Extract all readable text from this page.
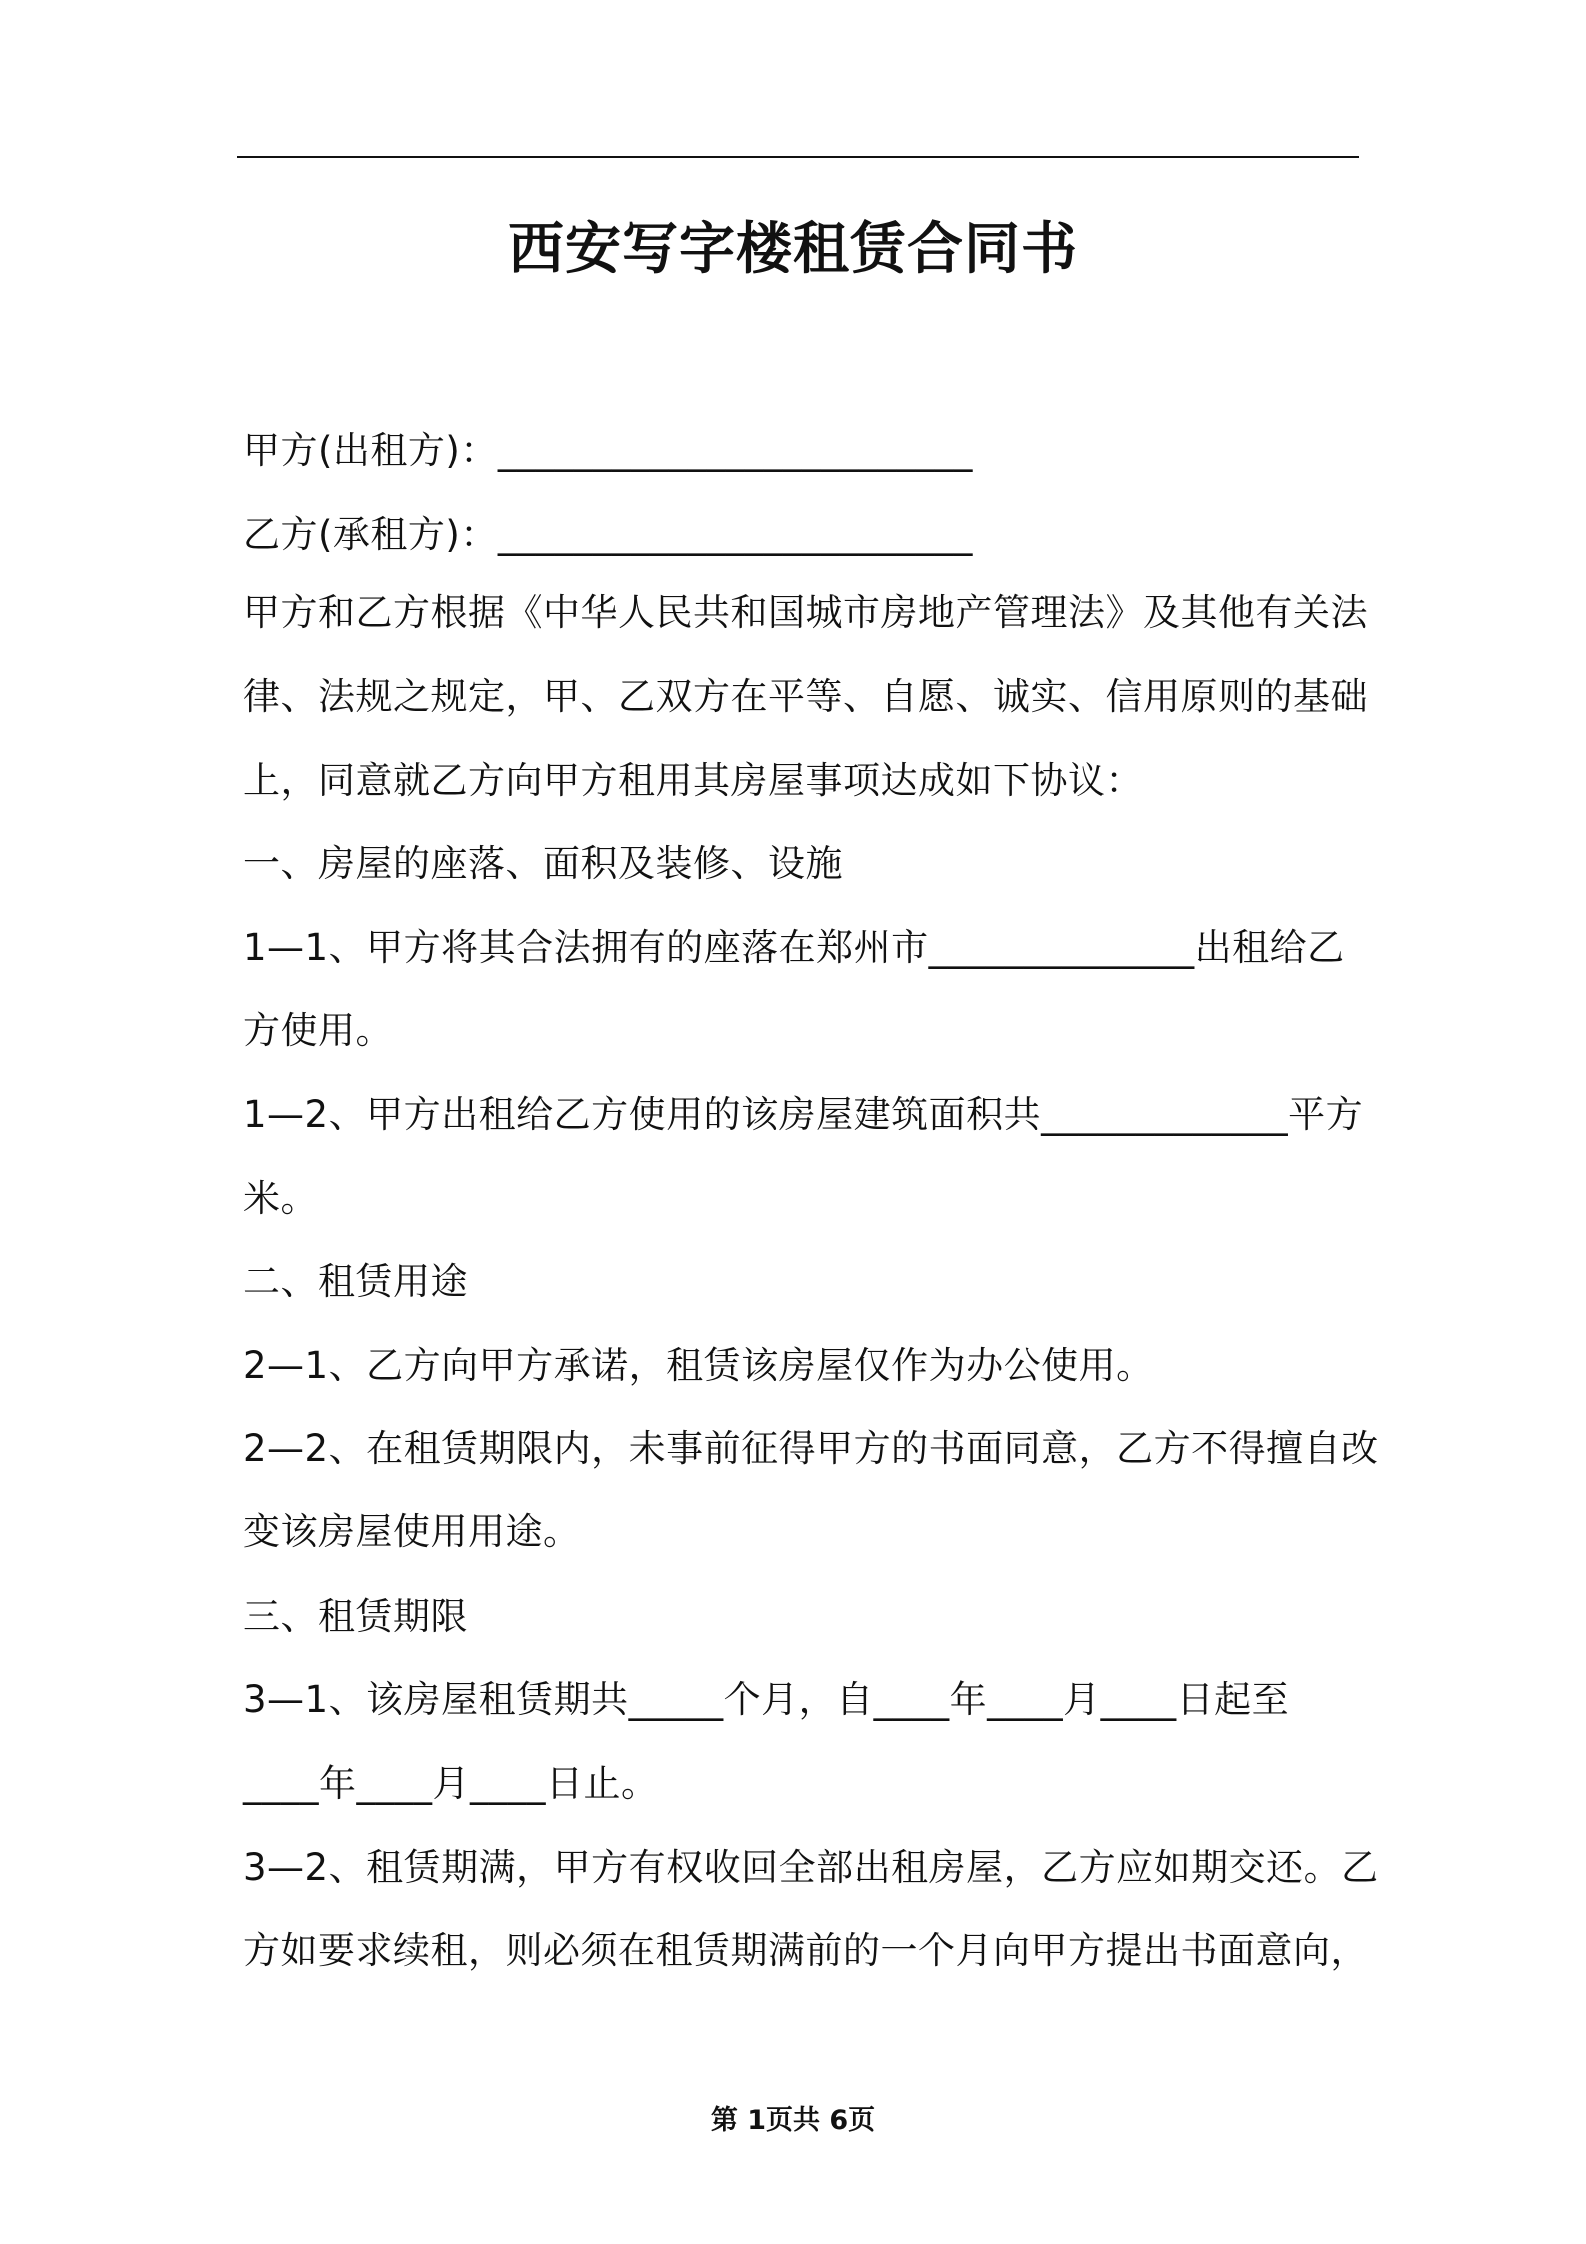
西安写字楼租赁合同书
甲方(出租方)：_________________________
乙方(承租方)：_________________________
甲方和乙方根据《中华人民共和国城市房地产管理法》及其他有关法
律、法规之规定，甲、乙双方在平等、自愿、诚实、信用原则的基础
上，同意就乙方向甲方租用其房屋事项达成如下协议：
一、房屋的座落、面积及装修、设施
1—1、甲方将其合法拥有的座落在郑州市______________出租给乙
方使用。
1—2、甲方出租给乙方使用的该房屋建筑面积共_____________平方
米。
二、租赁用途
2—1、乙方向甲方承诺，租赁该房屋仅作为办公使用。
2—2、在租赁期限内，未事前征得甲方的书面同意，乙方不得擅自改
变该房屋使用用途。
三、租赁期限
3—1、该房屋租赁期共_____个月，自____年____月____日起至
____年____月____日止。
3—2、租赁期满，甲方有权收回全部出租房屋，乙方应如期交还。乙
方如要求续租，则必须在租赁期满前的一个月向甲方提出书面意向，
第 1页共 6页
